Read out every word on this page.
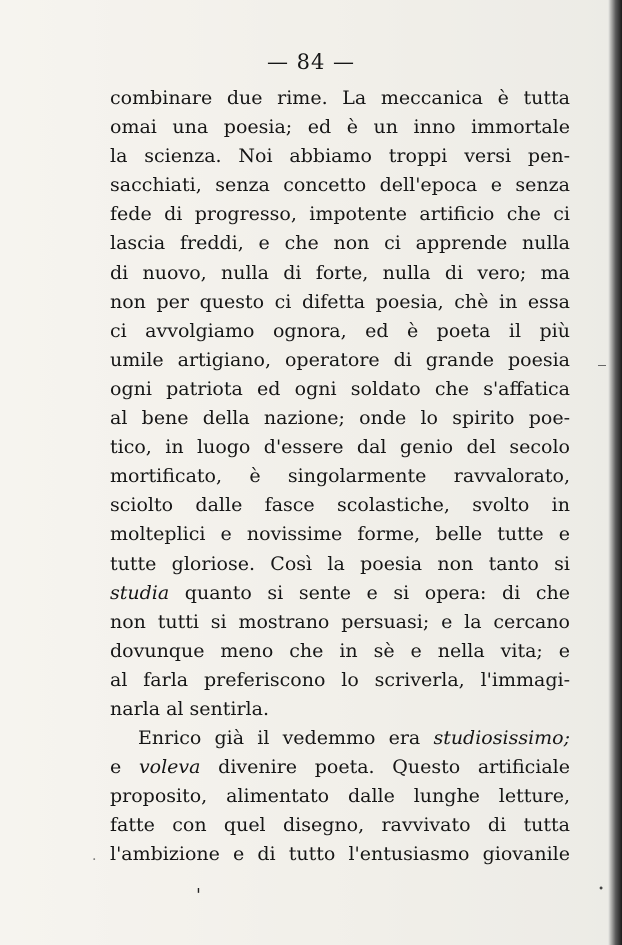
— 84 —
combinare due rime. La meccanica è tutta
omai una poesia; ed è un inno immortale
la scienza. Noi abbiamo troppi versi pen-
sacchiati, senza concetto dell'epoca e senza
fede di progresso, impotente artificio che ci
lascia freddi, e che non ci apprende nulla
di nuovo, nulla di forte, nulla di vero; ma
non per questo ci difetta poesia, chè in essa
ci avvolgiamo ognora, ed è poeta il più
umile artigiano, operatore di grande poesia
ogni patriota ed ogni soldato che s'affatica
al bene della nazione; onde lo spirito poe-
tico, in luogo d'essere dal genio del secolo
mortificato, è singolarmente ravvalorato,
sciolto dalle fasce scolastiche, svolto in
molteplici e novissime forme, belle tutte e
tutte gloriose. Così la poesia non tanto si
studia quanto si sente e si opera: di che
non tutti si mostrano persuasi; e la cercano
dovunque meno che in sè e nella vita; e
al farla preferiscono lo scriverla, l'immagi-
narla al sentirla.
Enrico già il vedemmo era studiosissimo;
e voleva divenire poeta. Questo artificiale
proposito, alimentato dalle lunghe letture,
fatte con quel disegno, ravvivato di tutta
l'ambizione e di tutto l'entusiasmo giovanile
·
'	•
